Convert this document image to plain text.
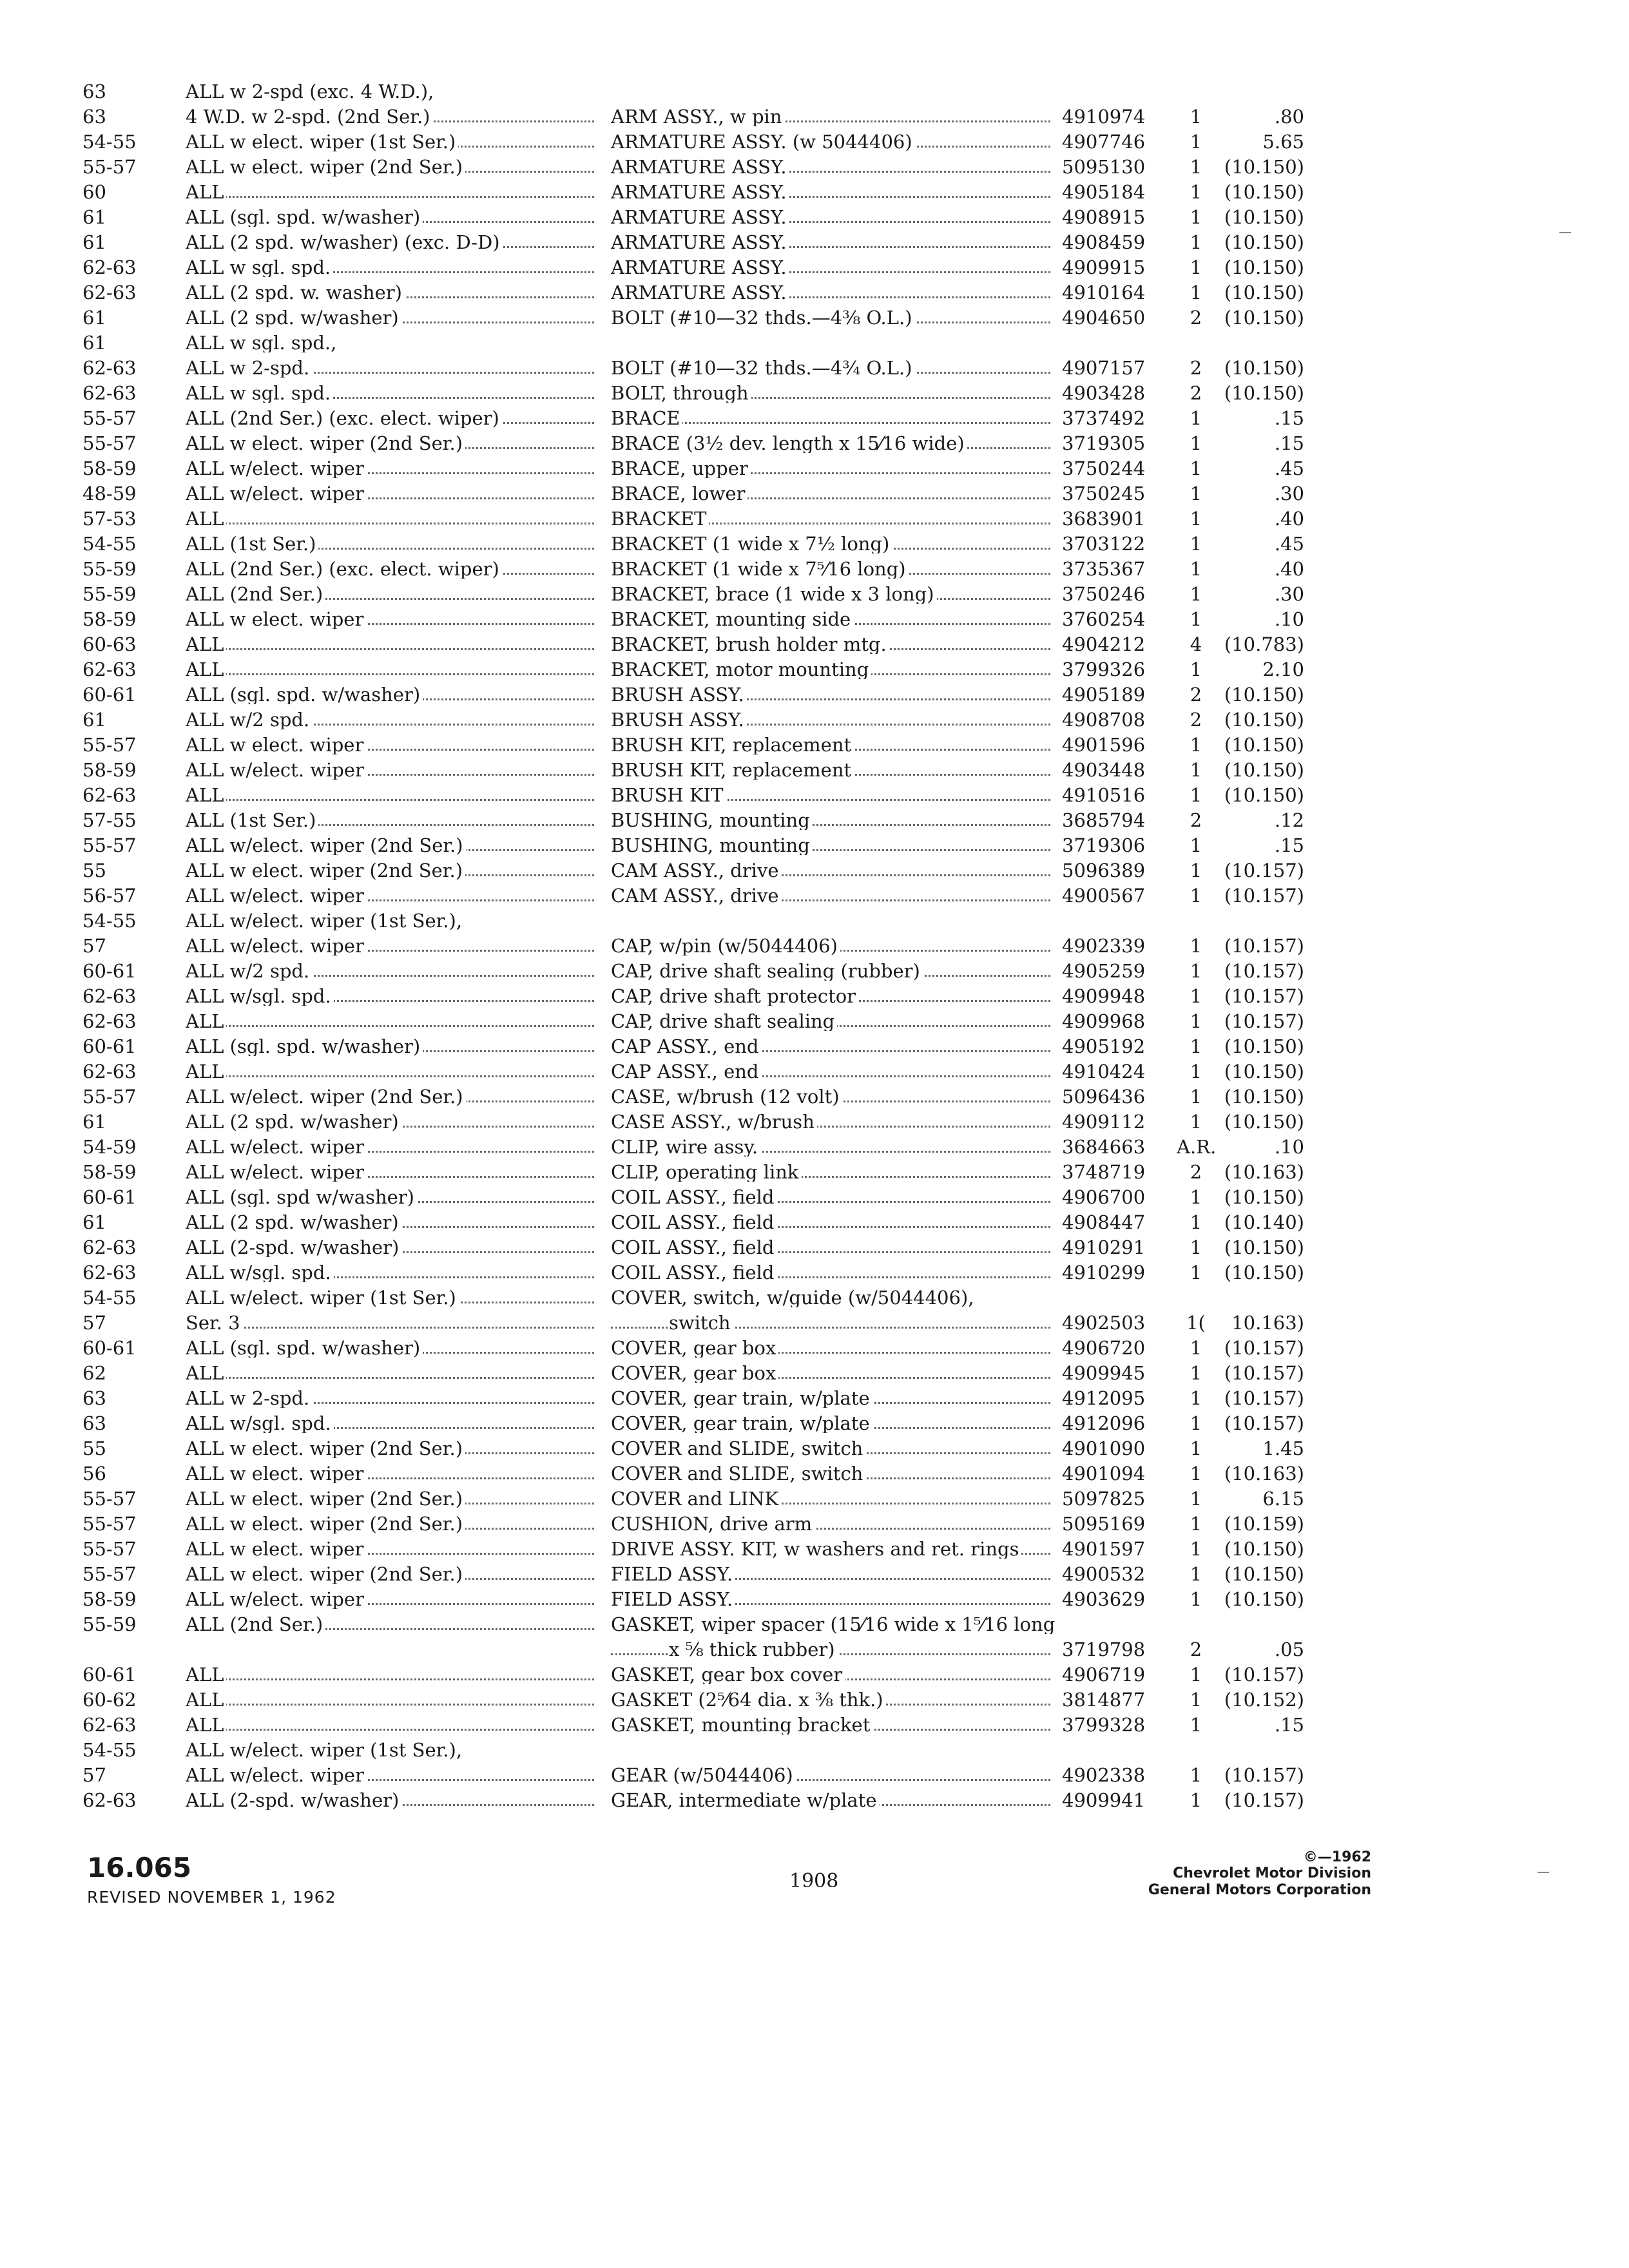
63	ALL w 2-spd (exc. 4 W.D.),				
63	4 W.D. w 2-spd. (2nd Ser.)	ARM ASSY., w pin	4910974	1	.80
54-55	ALL w elect. wiper (1st Ser.)	ARMATURE ASSY. (w 5044406)	4907746	1	5.65
55-57	ALL w elect. wiper (2nd Ser.)	ARMATURE ASSY.	5095130	1	(10.150)
60	ALL	ARMATURE ASSY.	4905184	1	(10.150)
61	ALL (sgl. spd. w/washer)	ARMATURE ASSY.	4908915	1	(10.150)
61	ALL (2 spd. w/washer) (exc. D-D)	ARMATURE ASSY.	4908459	1	(10.150)
62-63	ALL w sgl. spd.	ARMATURE ASSY.	4909915	1	(10.150)
62-63	ALL (2 spd. w. washer)	ARMATURE ASSY.	4910164	1	(10.150)
61	ALL (2 spd. w/washer)	BOLT (#10—32 thds.—4⅜ O.L.)	4904650	2	(10.150)
61	ALL w sgl. spd.,				
62-63	ALL w 2-spd.	BOLT (#10—32 thds.—4¾ O.L.)	4907157	2	(10.150)
62-63	ALL w sgl. spd.	BOLT, through	4903428	2	(10.150)
55-57	ALL (2nd Ser.) (exc. elect. wiper)	BRACE	3737492	1	.15
55-57	ALL w elect. wiper (2nd Ser.)	BRACE (3½ dev. length x 15⁄16 wide)	3719305	1	.15
58-59	ALL w/elect. wiper	BRACE, upper	3750244	1	.45
48-59	ALL w/elect. wiper	BRACE, lower	3750245	1	.30
57-53	ALL	BRACKET	3683901	1	.40
54-55	ALL (1st Ser.)	BRACKET (1 wide x 7½ long)	3703122	1	.45
55-59	ALL (2nd Ser.) (exc. elect. wiper)	BRACKET (1 wide x 7⁵⁄16 long)	3735367	1	.40
55-59	ALL (2nd Ser.)	BRACKET, brace (1 wide x 3 long)	3750246	1	.30
58-59	ALL w elect. wiper	BRACKET, mounting side	3760254	1	.10
60-63	ALL	BRACKET, brush holder mtg.	4904212	4	(10.783)
62-63	ALL	BRACKET, motor mounting	3799326	1	2.10
60-61	ALL (sgl. spd. w/washer)	BRUSH ASSY.	4905189	2	(10.150)
61	ALL w/2 spd.	BRUSH ASSY.	4908708	2	(10.150)
55-57	ALL w elect. wiper	BRUSH KIT, replacement	4901596	1	(10.150)
58-59	ALL w/elect. wiper	BRUSH KIT, replacement	4903448	1	(10.150)
62-63	ALL	BRUSH KIT	4910516	1	(10.150)
57-55	ALL (1st Ser.)	BUSHING, mounting	3685794	2	.12
55-57	ALL w/elect. wiper (2nd Ser.)	BUSHING, mounting	3719306	1	.15
55	ALL w elect. wiper (2nd Ser.)	CAM ASSY., drive	5096389	1	(10.157)
56-57	ALL w/elect. wiper	CAM ASSY., drive	4900567	1	(10.157)
54-55	ALL w/elect. wiper (1st Ser.),				
57	ALL w/elect. wiper	CAP, w/pin (w/5044406)	4902339	1	(10.157)
60-61	ALL w/2 spd.	CAP, drive shaft sealing (rubber)	4905259	1	(10.157)
62-63	ALL w/sgl. spd.	CAP, drive shaft protector	4909948	1	(10.157)
62-63	ALL	CAP, drive shaft sealing	4909968	1	(10.157)
60-61	ALL (sgl. spd. w/washer)	CAP ASSY., end	4905192	1	(10.150)
62-63	ALL	CAP ASSY., end	4910424	1	(10.150)
55-57	ALL w/elect. wiper (2nd Ser.)	CASE, w/brush (12 volt)	5096436	1	(10.150)
61	ALL (2 spd. w/washer)	CASE ASSY., w/brush	4909112	1	(10.150)
54-59	ALL w/elect. wiper	CLIP, wire assy.	3684663	A.R.	.10
58-59	ALL w/elect. wiper	CLIP, operating link	3748719	2	(10.163)
60-61	ALL (sgl. spd w/washer)	COIL ASSY., field	4906700	1	(10.150)
61	ALL (2 spd. w/washer)	COIL ASSY., field	4908447	1	(10.140)
62-63	ALL (2-spd. w/washer)	COIL ASSY., field	4910291	1	(10.150)
62-63	ALL w/sgl. spd.	COIL ASSY., field	4910299	1	(10.150)
54-55	ALL w/elect. wiper (1st Ser.)	COVER, switch, w/guide (w/5044406),			
57	Ser. 3	switch	4902503	1(	10.163)
60-61	ALL (sgl. spd. w/washer)	COVER, gear box	4906720	1	(10.157)
62	ALL	COVER, gear box	4909945	1	(10.157)
63	ALL w 2-spd.	COVER, gear train, w/plate	4912095	1	(10.157)
63	ALL w/sgl. spd.	COVER, gear train, w/plate	4912096	1	(10.157)
55	ALL w elect. wiper (2nd Ser.)	COVER and SLIDE, switch	4901090	1	1.45
56	ALL w elect. wiper	COVER and SLIDE, switch	4901094	1	(10.163)
55-57	ALL w elect. wiper (2nd Ser.)	COVER and LINK	5097825	1	6.15
55-57	ALL w elect. wiper (2nd Ser.)	CUSHION, drive arm	5095169	1	(10.159)
55-57	ALL w elect. wiper	DRIVE ASSY. KIT, w washers and ret. rings	4901597	1	(10.150)
55-57	ALL w elect. wiper (2nd Ser.)	FIELD ASSY.	4900532	1	(10.150)
58-59	ALL w/elect. wiper	FIELD ASSY.	4903629	1	(10.150)
55-59	ALL (2nd Ser.)	GASKET, wiper spacer (15⁄16 wide x 1⁵⁄16 long			

		x ⅝ thick rubber)	3719798	2	.05
60-61	ALL	GASKET, gear box cover	4906719	1	(10.157)
60-62	ALL	GASKET (2⁵⁄64 dia. x ⅜ thk.)	3814877	1	(10.152)
62-63	ALL	GASKET, mounting bracket	3799328	1	.15
54-55	ALL w/elect. wiper (1st Ser.),				
57	ALL w/elect. wiper	GEAR (w/5044406)	4902338	1	(10.157)
62-63	ALL (2-spd. w/washer)	GEAR, intermediate w/plate	4909941	1	(10.157)
16.065
REVISED NOVEMBER 1, 1962
1908
©—1962
Chevrolet Motor Division
General Motors Corporation
